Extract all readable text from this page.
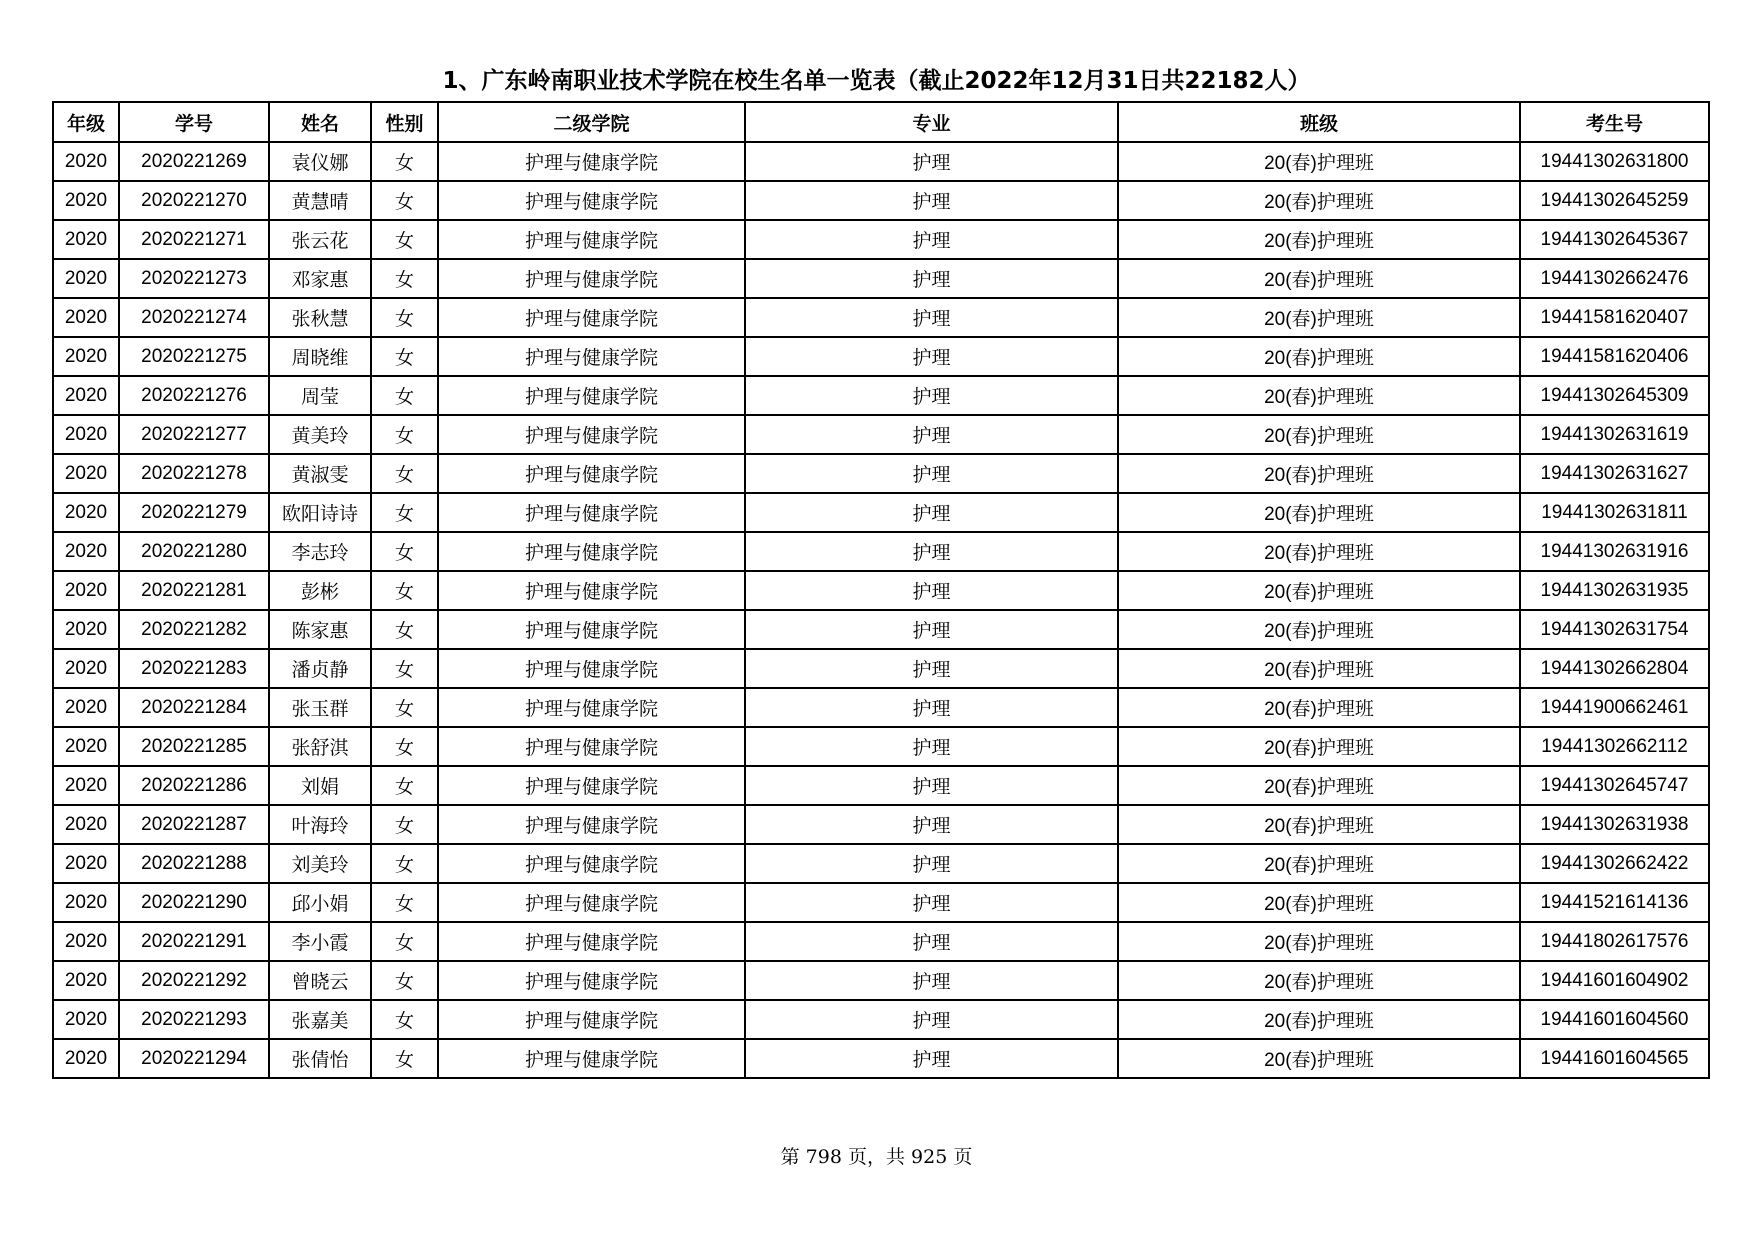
1、广东岭南职业技术学院在校生名单一览表（截止2022年12月31日共22182人）
年级	学号	姓名	性别	二级学院	专业	班级	考生号
2020	2020221269	袁仪娜	女	护理与健康学院	护理	20(春)护理班	19441302631800
2020	2020221270	黄慧晴	女	护理与健康学院	护理	20(春)护理班	19441302645259
2020	2020221271	张云花	女	护理与健康学院	护理	20(春)护理班	19441302645367
2020	2020221273	邓家惠	女	护理与健康学院	护理	20(春)护理班	19441302662476
2020	2020221274	张秋慧	女	护理与健康学院	护理	20(春)护理班	19441581620407
2020	2020221275	周晓维	女	护理与健康学院	护理	20(春)护理班	19441581620406
2020	2020221276	周莹	女	护理与健康学院	护理	20(春)护理班	19441302645309
2020	2020221277	黄美玲	女	护理与健康学院	护理	20(春)护理班	19441302631619
2020	2020221278	黄淑雯	女	护理与健康学院	护理	20(春)护理班	19441302631627
2020	2020221279	欧阳诗诗	女	护理与健康学院	护理	20(春)护理班	19441302631811
2020	2020221280	李志玲	女	护理与健康学院	护理	20(春)护理班	19441302631916
2020	2020221281	彭彬	女	护理与健康学院	护理	20(春)护理班	19441302631935
2020	2020221282	陈家惠	女	护理与健康学院	护理	20(春)护理班	19441302631754
2020	2020221283	潘贞静	女	护理与健康学院	护理	20(春)护理班	19441302662804
2020	2020221284	张玉群	女	护理与健康学院	护理	20(春)护理班	19441900662461
2020	2020221285	张舒淇	女	护理与健康学院	护理	20(春)护理班	19441302662112
2020	2020221286	刘娟	女	护理与健康学院	护理	20(春)护理班	19441302645747
2020	2020221287	叶海玲	女	护理与健康学院	护理	20(春)护理班	19441302631938
2020	2020221288	刘美玲	女	护理与健康学院	护理	20(春)护理班	19441302662422
2020	2020221290	邱小娟	女	护理与健康学院	护理	20(春)护理班	19441521614136
2020	2020221291	李小霞	女	护理与健康学院	护理	20(春)护理班	19441802617576
2020	2020221292	曾晓云	女	护理与健康学院	护理	20(春)护理班	19441601604902
2020	2020221293	张嘉美	女	护理与健康学院	护理	20(春)护理班	19441601604560
2020	2020221294	张倩怡	女	护理与健康学院	护理	20(春)护理班	19441601604565
第 798 页，共 925 页
